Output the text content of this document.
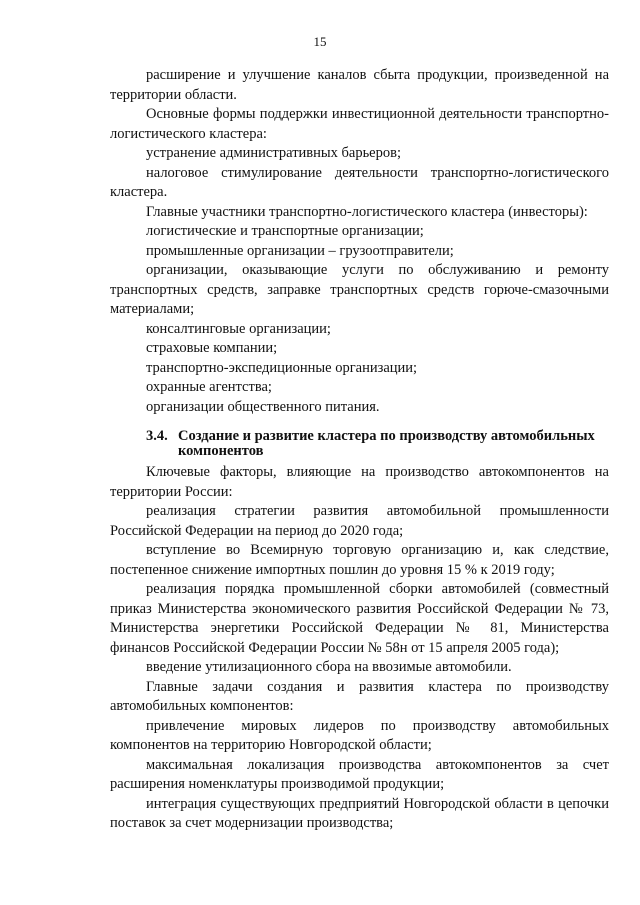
15

расширение и улучшение каналов сбыта продукции, произведенной на территории области.

Основные формы поддержки инвестиционной деятельности транспортно-логистического кластера:

устранение административных барьеров;

налоговое стимулирование деятельности транспортно-логистического кластера.

Главные участники транспортно-логистического кластера (инвесторы):

логистические и транспортные организации;

промышленные организации – грузоотправители;

организации, оказывающие услуги по обслуживанию и ремонту транспортных средств, заправке транспортных средств горюче-смазочными материалами;

консалтинговые организации;

страховые компании;

транспортно-экспедиционные организации;

охранные агентства;

организации общественного питания.

3.4. Создание и развитие кластера по производству автомобильных
компонентов

Ключевые факторы, влияющие на производство автокомпонентов на территории России:

реализация стратегии развития автомобильной промышленности Российской Федерации на период до 2020 года;

вступление во Всемирную торговую организацию и, как следствие, постепенное снижение импортных пошлин до уровня 15 % к 2019 году;

реализация порядка промышленной сборки автомобилей (совместный приказ Министерства экономического развития Российской Федерации № 73, Министерства энергетики Российской Федерации № 81, Министерства финансов Российской Федерации России № 58н от 15 апреля 2005 года);

введение утилизационного сбора на ввозимые автомобили.

Главные задачи создания и развития кластера по производству автомобильных компонентов:

привлечение мировых лидеров по производству автомобильных компонентов на территорию Новгородской области;

максимальная локализация производства автокомпонентов за счет расширения номенклатуры производимой продукции;

интеграция существующих предприятий Новгородской области в цепочки поставок за счет модернизации производства;
